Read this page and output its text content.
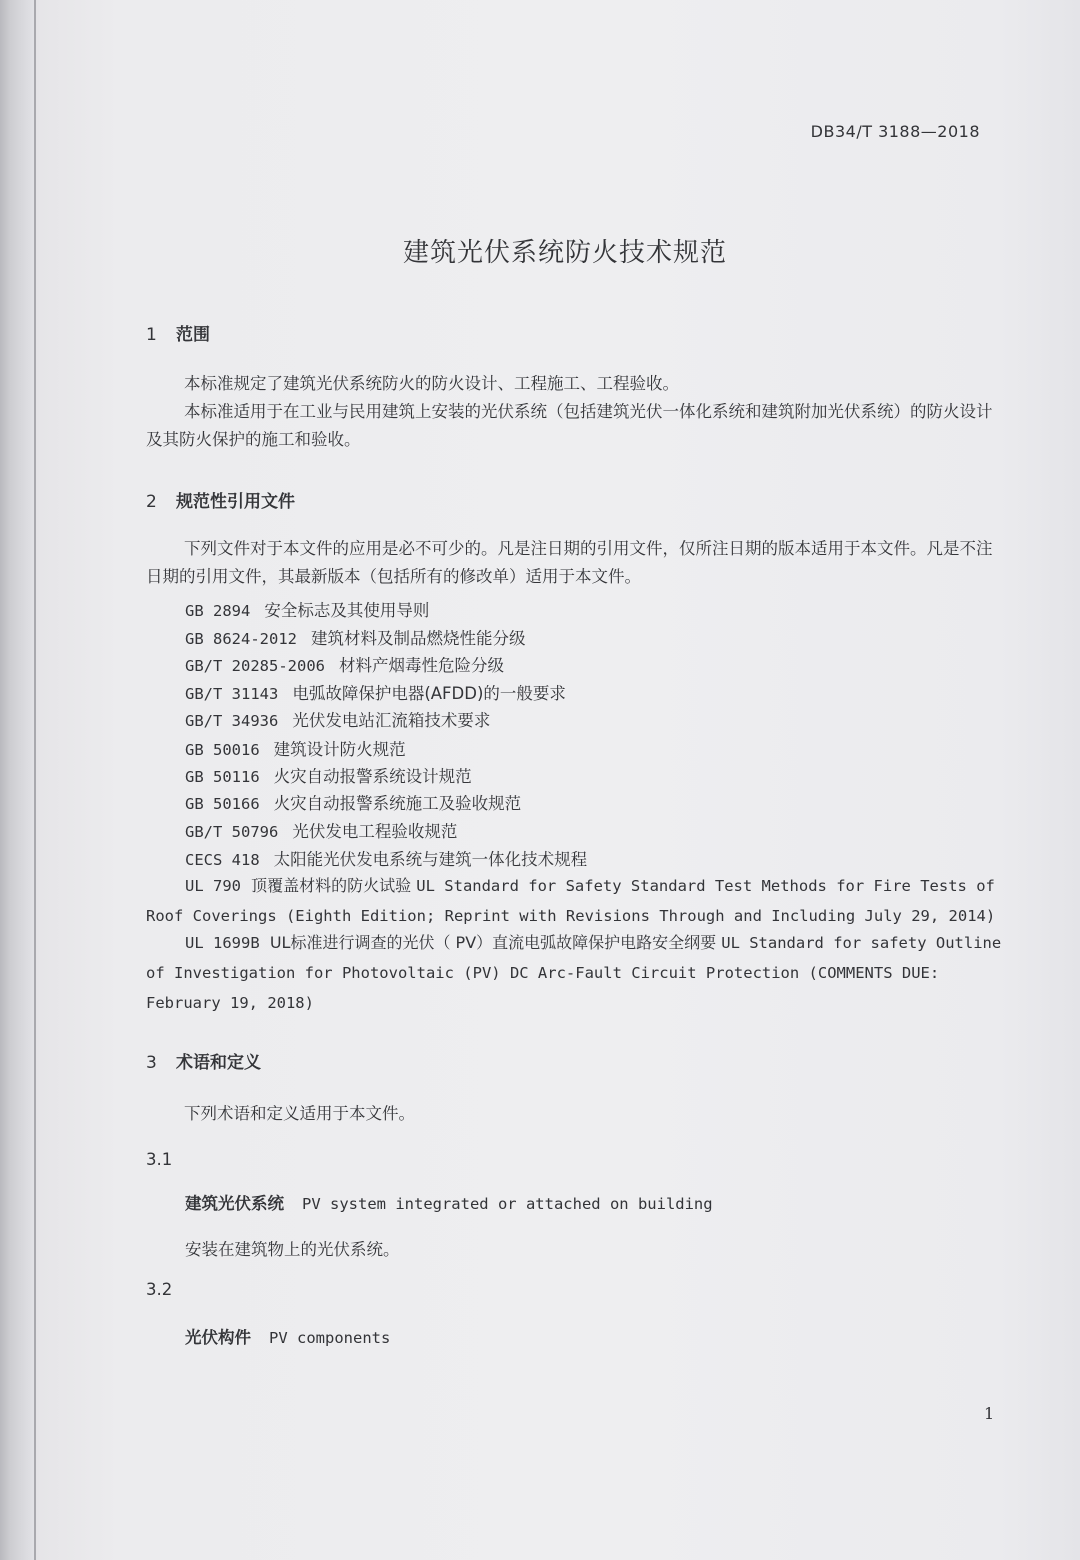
DB34/T 3188—2018
建筑光伏系统防火技术规范
1 范围
本标准规定了建筑光伏系统防火的防火设计、工程施工、工程验收。
本标准适用于在工业与民用建筑上安装的光伏系统（包括建筑光伏一体化系统和建筑附加光伏系统）的防火设计及其防火保护的施工和验收。
2 规范性引用文件
下列文件对于本文件的应用是必不可少的。凡是注日期的引用文件，仅所注日期的版本适用于本文件。凡是不注日期的引用文件，其最新版本（包括所有的修改单）适用于本文件。
GB 2894 安全标志及其使用导则
GB 8624-2012 建筑材料及制品燃烧性能分级
GB/T 20285-2006 材料产烟毒性危险分级
GB/T 31143 电弧故障保护电器(AFDD)的一般要求
GB/T 34936 光伏发电站汇流箱技术要求
GB 50016 建筑设计防火规范
GB 50116 火灾自动报警系统设计规范
GB 50166 火灾自动报警系统施工及验收规范
GB/T 50796 光伏发电工程验收规范
CECS 418 太阳能光伏发电系统与建筑一体化技术规程
UL 790 顶覆盖材料的防火试验 UL Standard for Safety Standard Test Methods for Fire Tests of Roof Coverings (Eighth Edition; Reprint with Revisions Through and Including July 29, 2014)
UL 1699B UL标准进行调查的光伏（ PV）直流电弧故障保护电路安全纲要 UL Standard for safety Outline of Investigation for Photovoltaic (PV) DC Arc-Fault Circuit Protection (COMMENTS DUE: February 19, 2018)
3 术语和定义
下列术语和定义适用于本文件。
3.1
建筑光伏系统 PV system integrated or attached on building
安装在建筑物上的光伏系统。
3.2
光伏构件 PV components
1
